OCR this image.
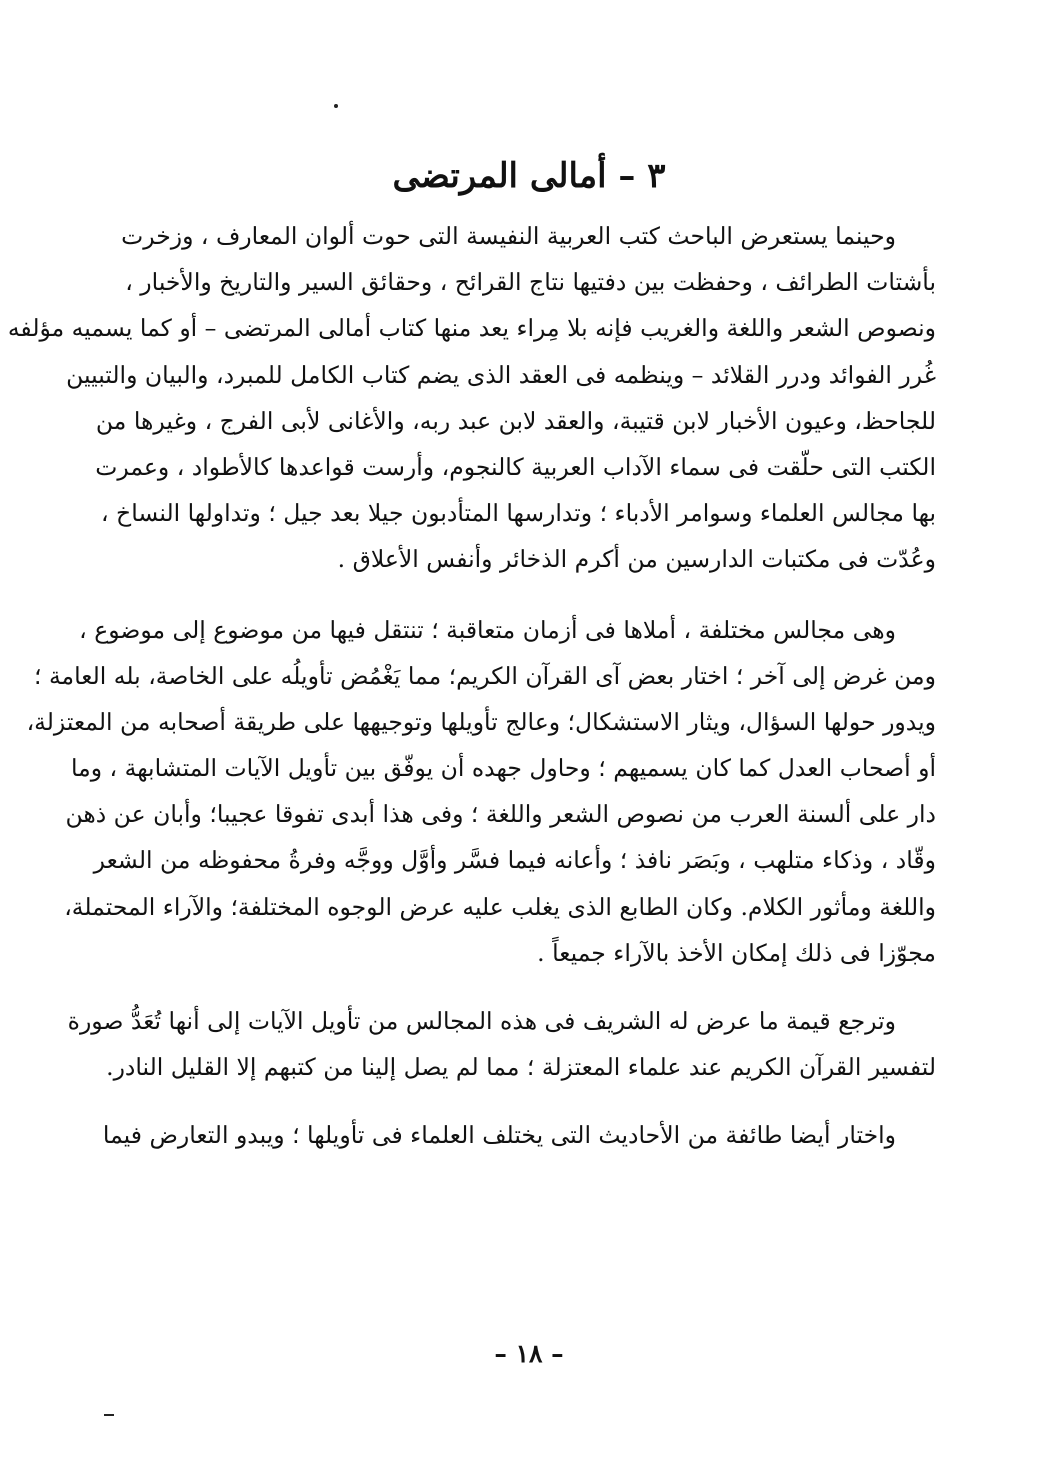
٣ – أمالى المرتضى

وحينما يستعرض الباحث كتب العربية النفيسة التى حوت ألوان المعارف ، وزخرت
بأشتات الطرائف ، وحفظت بين دفتيها نتاج القرائح ، وحقائق السير والتاريخ والأخبار ،
ونصوص الشعر واللغة والغريب فإنه بلا مِراء يعد منها كتاب أمالى المرتضى – أو كما يسميه مؤلفه
غُرر الفوائد ودرر القلائد – وينظمه فى العقد الذى يضم كتاب الكامل للمبرد، والبيان والتبيين
للجاحظ، وعيون الأخبار لابن قتيبة، والعقد لابن عبد ربه، والأغانى لأبى الفرج ، وغيرها من
الكتب التى حلّقت فى سماء الآداب العربية كالنجوم، وأرست قواعدها كالأطواد ، وعمرت
بها مجالس العلماء وسوامر الأدباء ؛ وتدارسها المتأدبون جيلا بعد جيل ؛ وتداولها النساخ ،
وعُدّت فى مكتبات الدارسين من أكرم الذخائر وأنفس الأعلاق .

وهى مجالس مختلفة ، أملاها فى أزمان متعاقبة ؛ تنتقل فيها من موضوع إلى موضوع ،
ومن غرض إلى آخر ؛ اختار بعض آى القرآن الكريم؛ مما يَغْمُض تأويلُه على الخاصة، بله العامة ؛
ويدور حولها السؤال، ويثار الاستشكال؛ وعالج تأويلها وتوجيهها على طريقة أصحابه من المعتزلة،
أو أصحاب العدل كما كان يسميهم ؛ وحاول جهده أن يوفّق بين تأويل الآيات المتشابهة ، وما
دار على ألسنة العرب من نصوص الشعر واللغة ؛ وفى هذا أبدى تفوقا عجيبا؛ وأبان عن ذهن
وقّاد ، وذكاء متلهب ، وبَصَر نافذ ؛ وأعانه فيما فسَّر وأوَّل ووجَّه وفرةُ محفوظه من الشعر
واللغة ومأثور الكلام. وكان الطابع الذى يغلب عليه عرض الوجوه المختلفة؛ والآراء المحتملة،
مجوّزا فى ذلك إمكان الأخذ بالآراء جميعاً .

وترجع قيمة ما عرض له الشريف فى هذه المجالس من تأويل الآيات إلى أنها تُعَدُّ صورة
لتفسير القرآن الكريم عند علماء المعتزلة ؛ مما لم يصل إلينا من كتبهم إلا القليل النادر.

واختار أيضا طائفة من الأحاديث التى يختلف العلماء فى تأويلها ؛ ويبدو التعارض فيما

– ١٨ –
